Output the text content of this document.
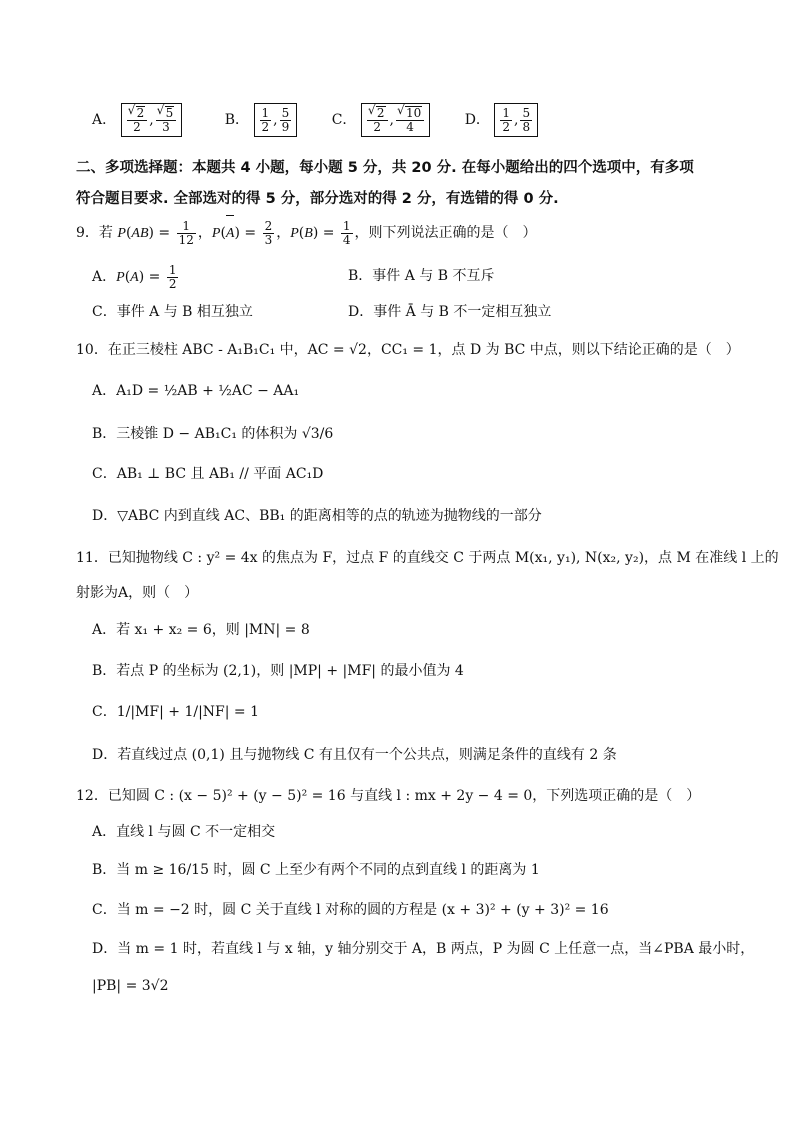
A． √ $\frac{2}{2}$ , √ $\frac{5}{3}$	B． $\frac{1}{2}$ , $\frac{5}{9}$	C． √ $\frac{2}{2}$ , √ $\frac{10}{4}$	D． $\frac{1}{2}$ , $\frac{5}{8}$
二、多项选择题：本题共 4 小题，每小题 5 分，共 20 分. 在每小题给出的四个选项中，有多项
符合题目要求. 全部选对的得 5 分，部分选对的得 2 分，有选错的得 0 分.
9．若 $P(AB) = \frac{1}{12}$ ，$P(A) = \frac{2}{3}$ ，$P(B) = \frac{1}{4}$ ，则下列说法正确的是（　）
A．$P(A) = \frac{1}{2}$	B．事件 A 与 B 不互斥
C．事件 A 与 B 相互独立	D．事件 Ā 与 B 不一定相互独立
10．在正三棱柱 ABC - A₁B₁C₁ 中，AC = √2，CC₁ = 1，点 D 为 BC 中点，则以下结论正确的是（　）
A．A₁D = ½AB + ½AC − AA₁
B．三棱锥 D − AB₁C₁ 的体积为 √3/6
C．AB₁ ⊥ BC 且 AB₁ // 平面 AC₁D
D．▽ABC 内到直线 AC、BB₁ 的距离相等的点的轨迹为抛物线的一部分
11．已知抛物线 C : y² = 4x 的焦点为 F，过点 F 的直线交 C 于两点 M(x₁, y₁), N(x₂, y₂)，点 M 在准线 l 上的
射影为A，则（　）
A．若 x₁ + x₂ = 6，则 |MN| = 8
B．若点 P 的坐标为 (2,1)，则 |MP| + |MF| 的最小值为 4
C．1/|MF| + 1/|NF| = 1
D．若直线过点 (0,1) 且与抛物线 C 有且仅有一个公共点，则满足条件的直线有 2 条
12．已知圆 C : (x − 5)² + (y − 5)² = 16 与直线 l : mx + 2y − 4 = 0，下列选项正确的是（　）
A．直线 l 与圆 C 不一定相交
B．当 m ≥ 16/15 时，圆 C 上至少有两个不同的点到直线 l 的距离为 1
C．当 m = −2 时，圆 C 关于直线 l 对称的圆的方程是 (x + 3)² + (y + 3)² = 16
D．当 m = 1 时，若直线 l 与 x 轴，y 轴分别交于 A，B 两点，P 为圆 C 上任意一点，当∠PBA 最小时，
|PB| = 3√2
